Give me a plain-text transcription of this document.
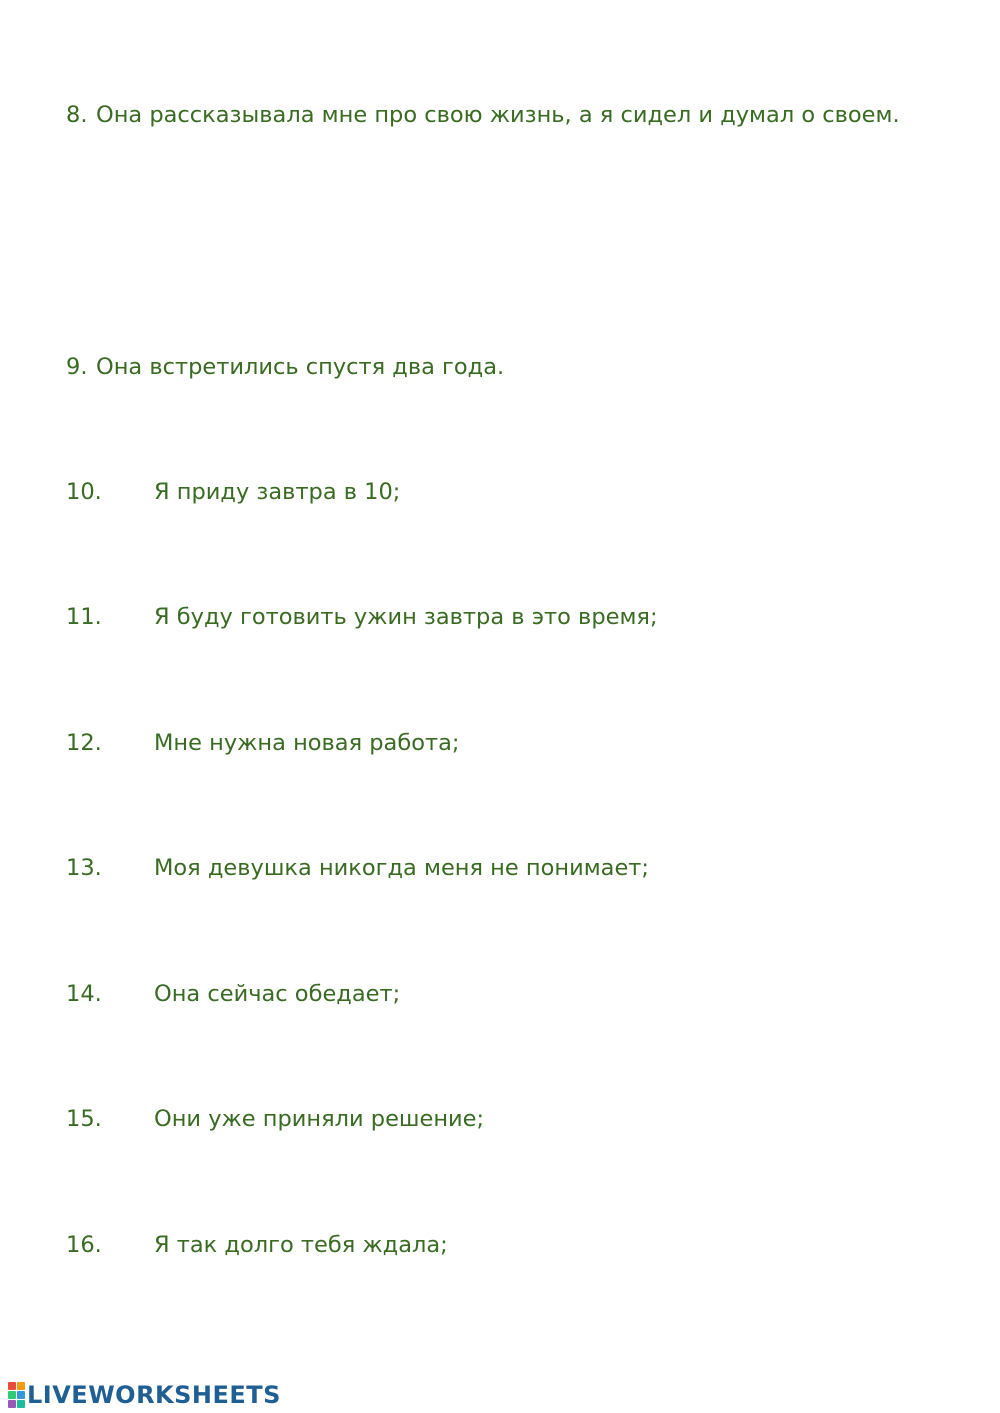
8. Она рассказывала мне про свою жизнь, а я сидел и думал о своем.
9. Она встретились спустя два года.
10. Я приду завтра в 10;
11. Я буду готовить ужин завтра в это время;
12. Мне нужна новая работа;
13. Моя девушка никогда меня не понимает;
14. Она сейчас обедает;
15. Они уже приняли решение;
16. Я так долго тебя ждала;
LIVEWORKSHEETS
